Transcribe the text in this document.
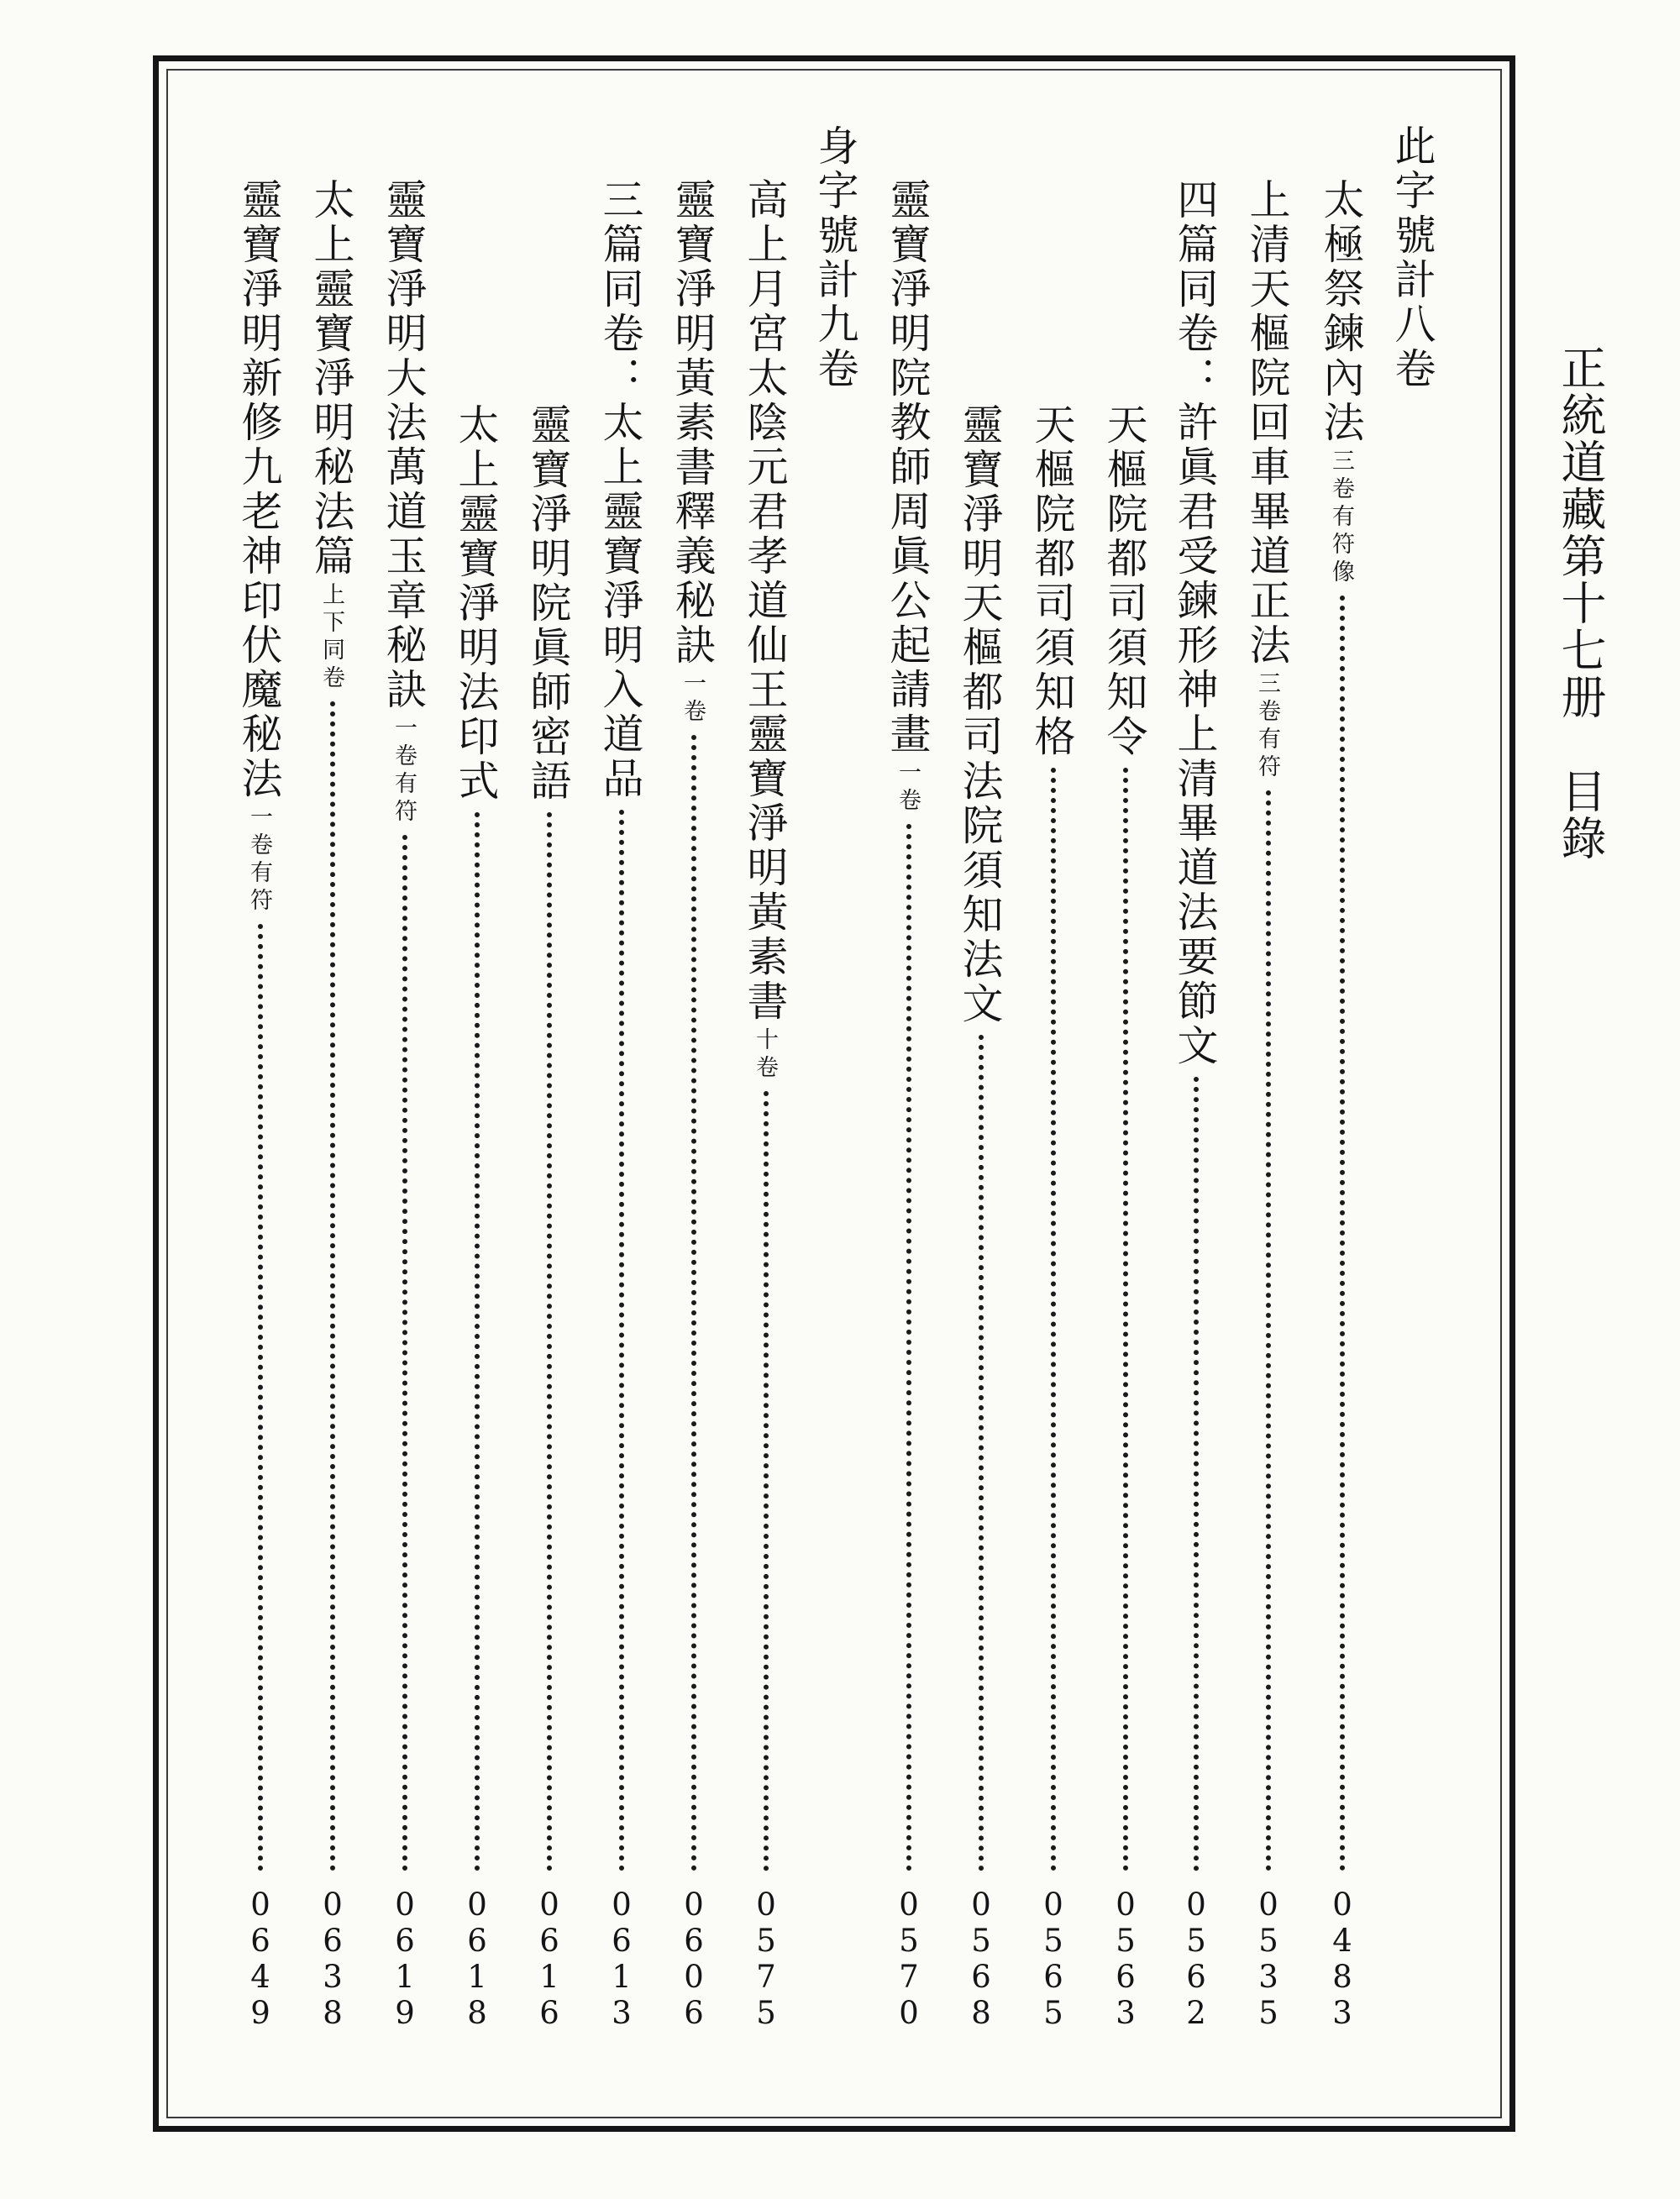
正統道藏第十七册目錄
此字號計八卷
太極祭鍊內法三卷有符像
0
4
8
3
上清天樞院回車畢道正法三卷有符
0
5
3
5
四篇同卷：許眞君受鍊形神上清畢道法要節文
0
5
6
2
天樞院都司須知令
0
5
6
3
天樞院都司須知格
0
5
6
5
靈寶淨明天樞都司法院須知法文
0
5
6
8
靈寶淨明院教師周眞公起請畫一卷
0
5
7
0
身字號計九卷
高上月宮太陰元君孝道仙王靈寶淨明黃素書十卷
0
5
7
5
靈寶淨明黃素書釋義秘訣一卷
0
6
0
6
三篇同卷：太上靈寶淨明入道品
0
6
1
3
靈寶淨明院眞師密語
0
6
1
6
太上靈寶淨明法印式
0
6
1
8
靈寶淨明大法萬道玉章秘訣一卷有符
0
6
1
9
太上靈寶淨明秘法篇上下同卷
0
6
3
8
靈寶淨明新修九老神印伏魔秘法一卷有符
0
6
4
9
